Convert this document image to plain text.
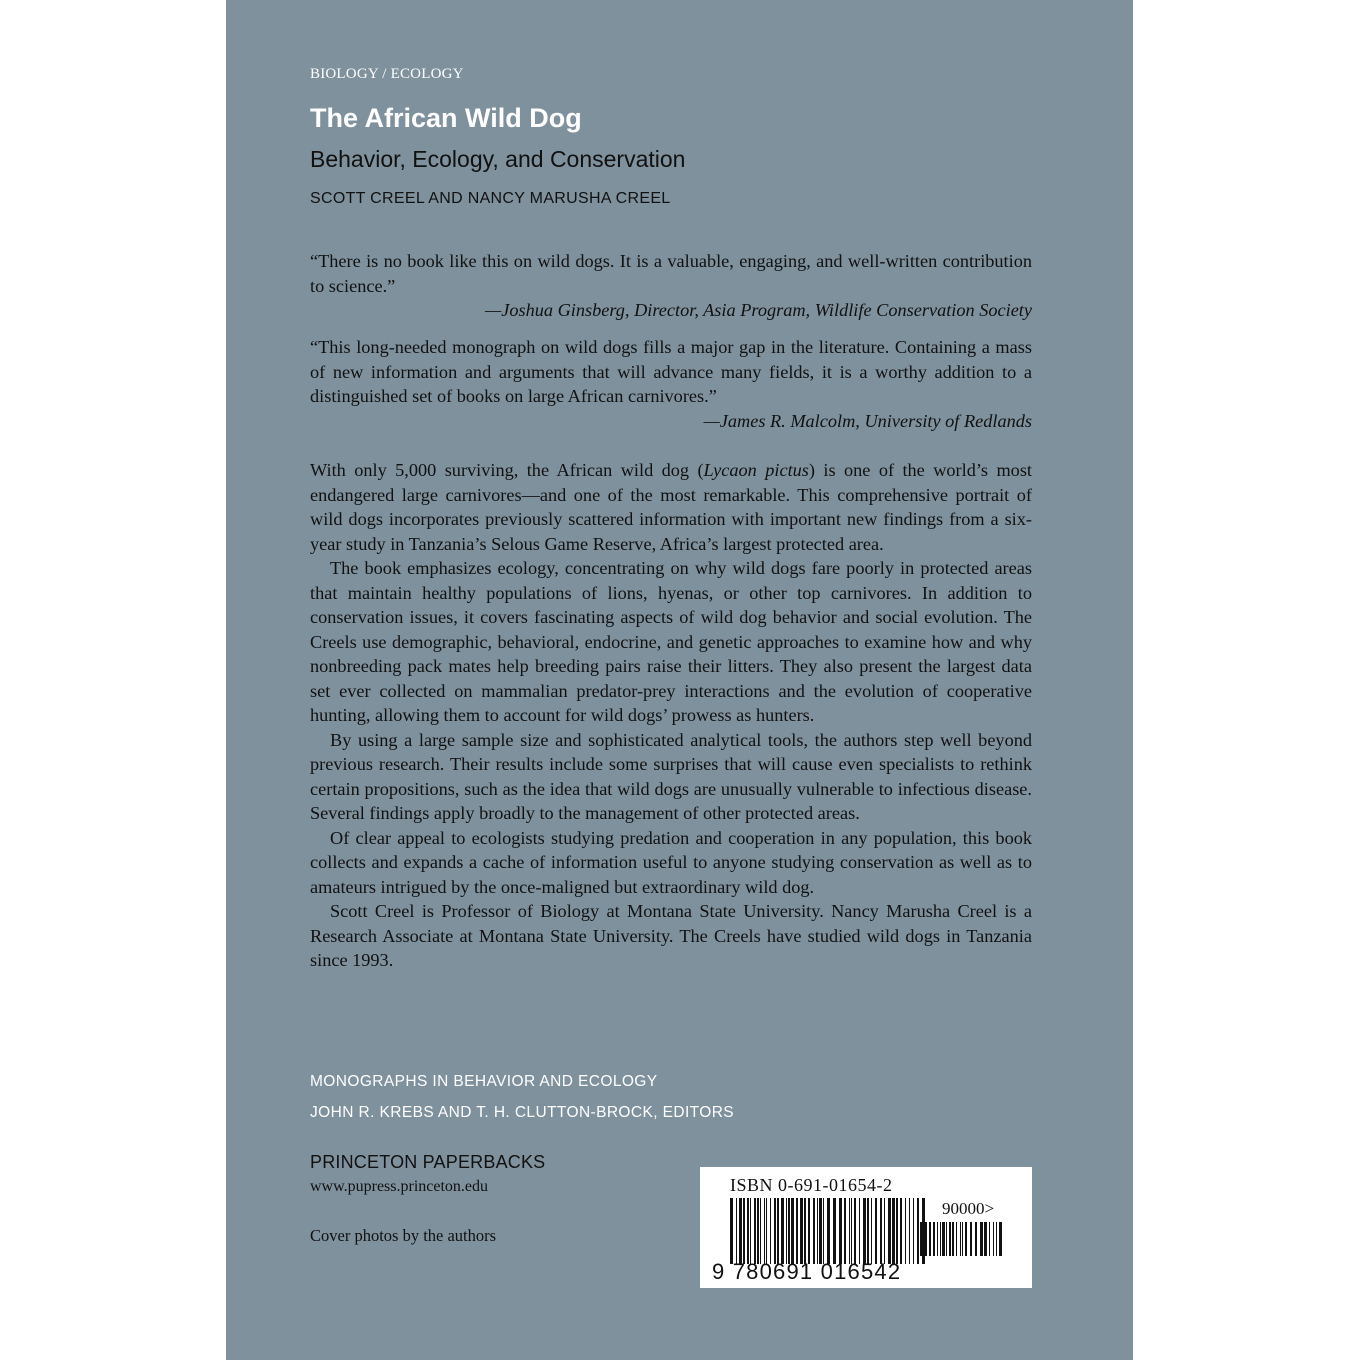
BIOLOGY / ECOLOGY
The African Wild Dog
Behavior, Ecology, and Conservation
SCOTT CREEL AND NANCY MARUSHA CREEL
“There is no book like this on wild dogs. It is a valuable, engaging, and well-written contribution to science.”
—Joshua Ginsberg, Director, Asia Program, Wildlife Conservation Society
“This long-needed monograph on wild dogs fills a major gap in the literature. Containing a mass of new information and arguments that will advance many fields, it is a worthy addition to a distinguished set of books on large African carnivores.”
—James R. Malcolm, University of Redlands

With only 5,000 surviving, the African wild dog (Lycaon pictus) is one of the world’s most endangered large carnivores—and one of the most remarkable. This comprehensive portrait of wild dogs incorporates previously scattered information with important new findings from a six-year study in Tanzania’s Selous Game Reserve, Africa’s largest protected area.

The book emphasizes ecology, concentrating on why wild dogs fare poorly in protected areas that maintain healthy populations of lions, hyenas, or other top carnivores. In addition to conservation issues, it covers fascinating aspects of wild dog behavior and social evolution. The Creels use demographic, behavioral, endocrine, and genetic approaches to examine how and why nonbreeding pack mates help breeding pairs raise their litters. They also present the largest data set ever collected on mammalian predator-prey interactions and the evolution of cooperative hunting, allowing them to account for wild dogs’ prowess as hunters.

By using a large sample size and sophisticated analytical tools, the authors step well beyond previous research. Their results include some surprises that will cause even specialists to rethink certain propositions, such as the idea that wild dogs are unusually vulnerable to infectious disease. Several findings apply broadly to the management of other protected areas.

Of clear appeal to ecologists studying predation and cooperation in any population, this book collects and expands a cache of information useful to anyone studying conservation as well as to amateurs intrigued by the once-maligned but extraordinary wild dog.

Scott Creel is Professor of Biology at Montana State University. Nancy Marusha Creel is a Research Associate at Montana State University. The Creels have studied wild dogs in Tanzania since 1993.

MONOGRAPHS IN BEHAVIOR AND ECOLOGY
JOHN R. KREBS AND T. H. CLUTTON-BROCK, EDITORS
PRINCETON PAPERBACKS
www.pupress.princeton.edu
Cover photos by the authors
ISBN 0-691-01654-2
90000>
9 780691 016542
